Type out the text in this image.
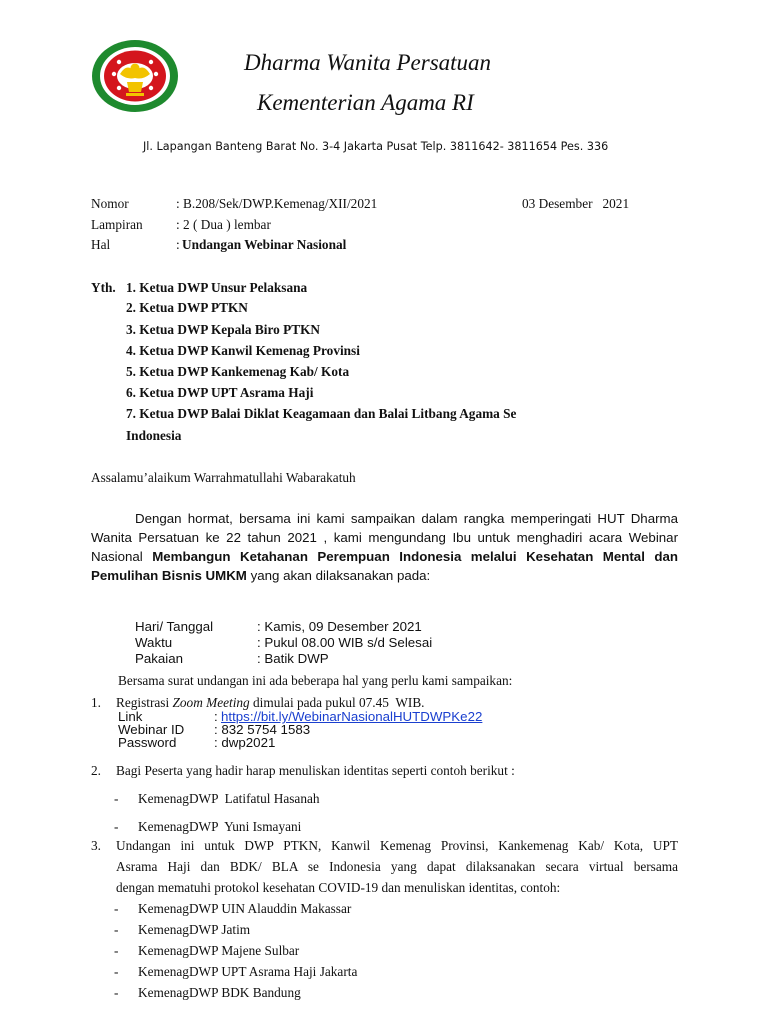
Dharma Wanita Persatuan
Kementerian Agama RI
Jl. Lapangan Banteng Barat No. 3-4 Jakarta Pusat Telp. 3811642- 3811654 Pes. 336
Nomor	: B.208/Sek/DWP.Kemenag/XII/2021	03 Desember   2021
Lampiran	: 2 ( Dua ) lembar
Hal	: Undangan Webinar Nasional
Yth. 1. Ketua DWP Unsur Pelaksana
2. Ketua DWP PTKN
3. Ketua DWP Kepala Biro PTKN
4. Ketua DWP Kanwil Kemenag Provinsi
5. Ketua DWP Kankemenag Kab/ Kota
6. Ketua DWP UPT Asrama Haji
7. Ketua DWP Balai Diklat Keagamaan dan Balai Litbang Agama Se
Indonesia
Assalamu’alaikum Warrahmatullahi Wabarakatuh
Dengan hormat, bersama ini kami sampaikan dalam rangka memperingati HUT Dharma
Wanita Persatuan ke 22 tahun 2021 , kami mengundang Ibu untuk menghadiri acara Webinar
Nasional Membangun Ketahanan Perempuan Indonesia melalui Kesehatan Mental dan
Pemulihan Bisnis UMKM yang akan dilaksanakan pada:
Hari/ Tanggal	: Kamis, 09 Desember 2021
Waktu	: Pukul 08.00 WIB s/d Selesai
Pakaian	: Batik DWP
Bersama surat undangan ini ada beberapa hal yang perlu kami sampaikan:
1. Registrasi Zoom Meeting dimulai pada pukul 07.45  WIB.
Link	: https://bit.ly/WebinarNasionalHUTDWPKe22
Webinar ID : 832 5754 1583
Password	: dwp2021
2. Bagi Peserta yang hadir harap menuliskan identitas seperti contoh berikut :
- KemenagDWP  Latifatul Hasanah
- KemenagDWP  Yuni Ismayani
3. Undangan ini untuk DWP PTKN, Kanwil Kemenag Provinsi, Kankemenag Kab/ Kota, UPT
Asrama Haji dan BDK/ BLA se Indonesia yang dapat dilaksanakan secara virtual bersama
dengan mematuhi protokol kesehatan COVID-19 dan menuliskan identitas, contoh:
- KemenagDWP UIN Alauddin Makassar
- KemenagDWP Jatim
- KemenagDWP Majene Sulbar
- KemenagDWP UPT Asrama Haji Jakarta
- KemenagDWP BDK Bandung
